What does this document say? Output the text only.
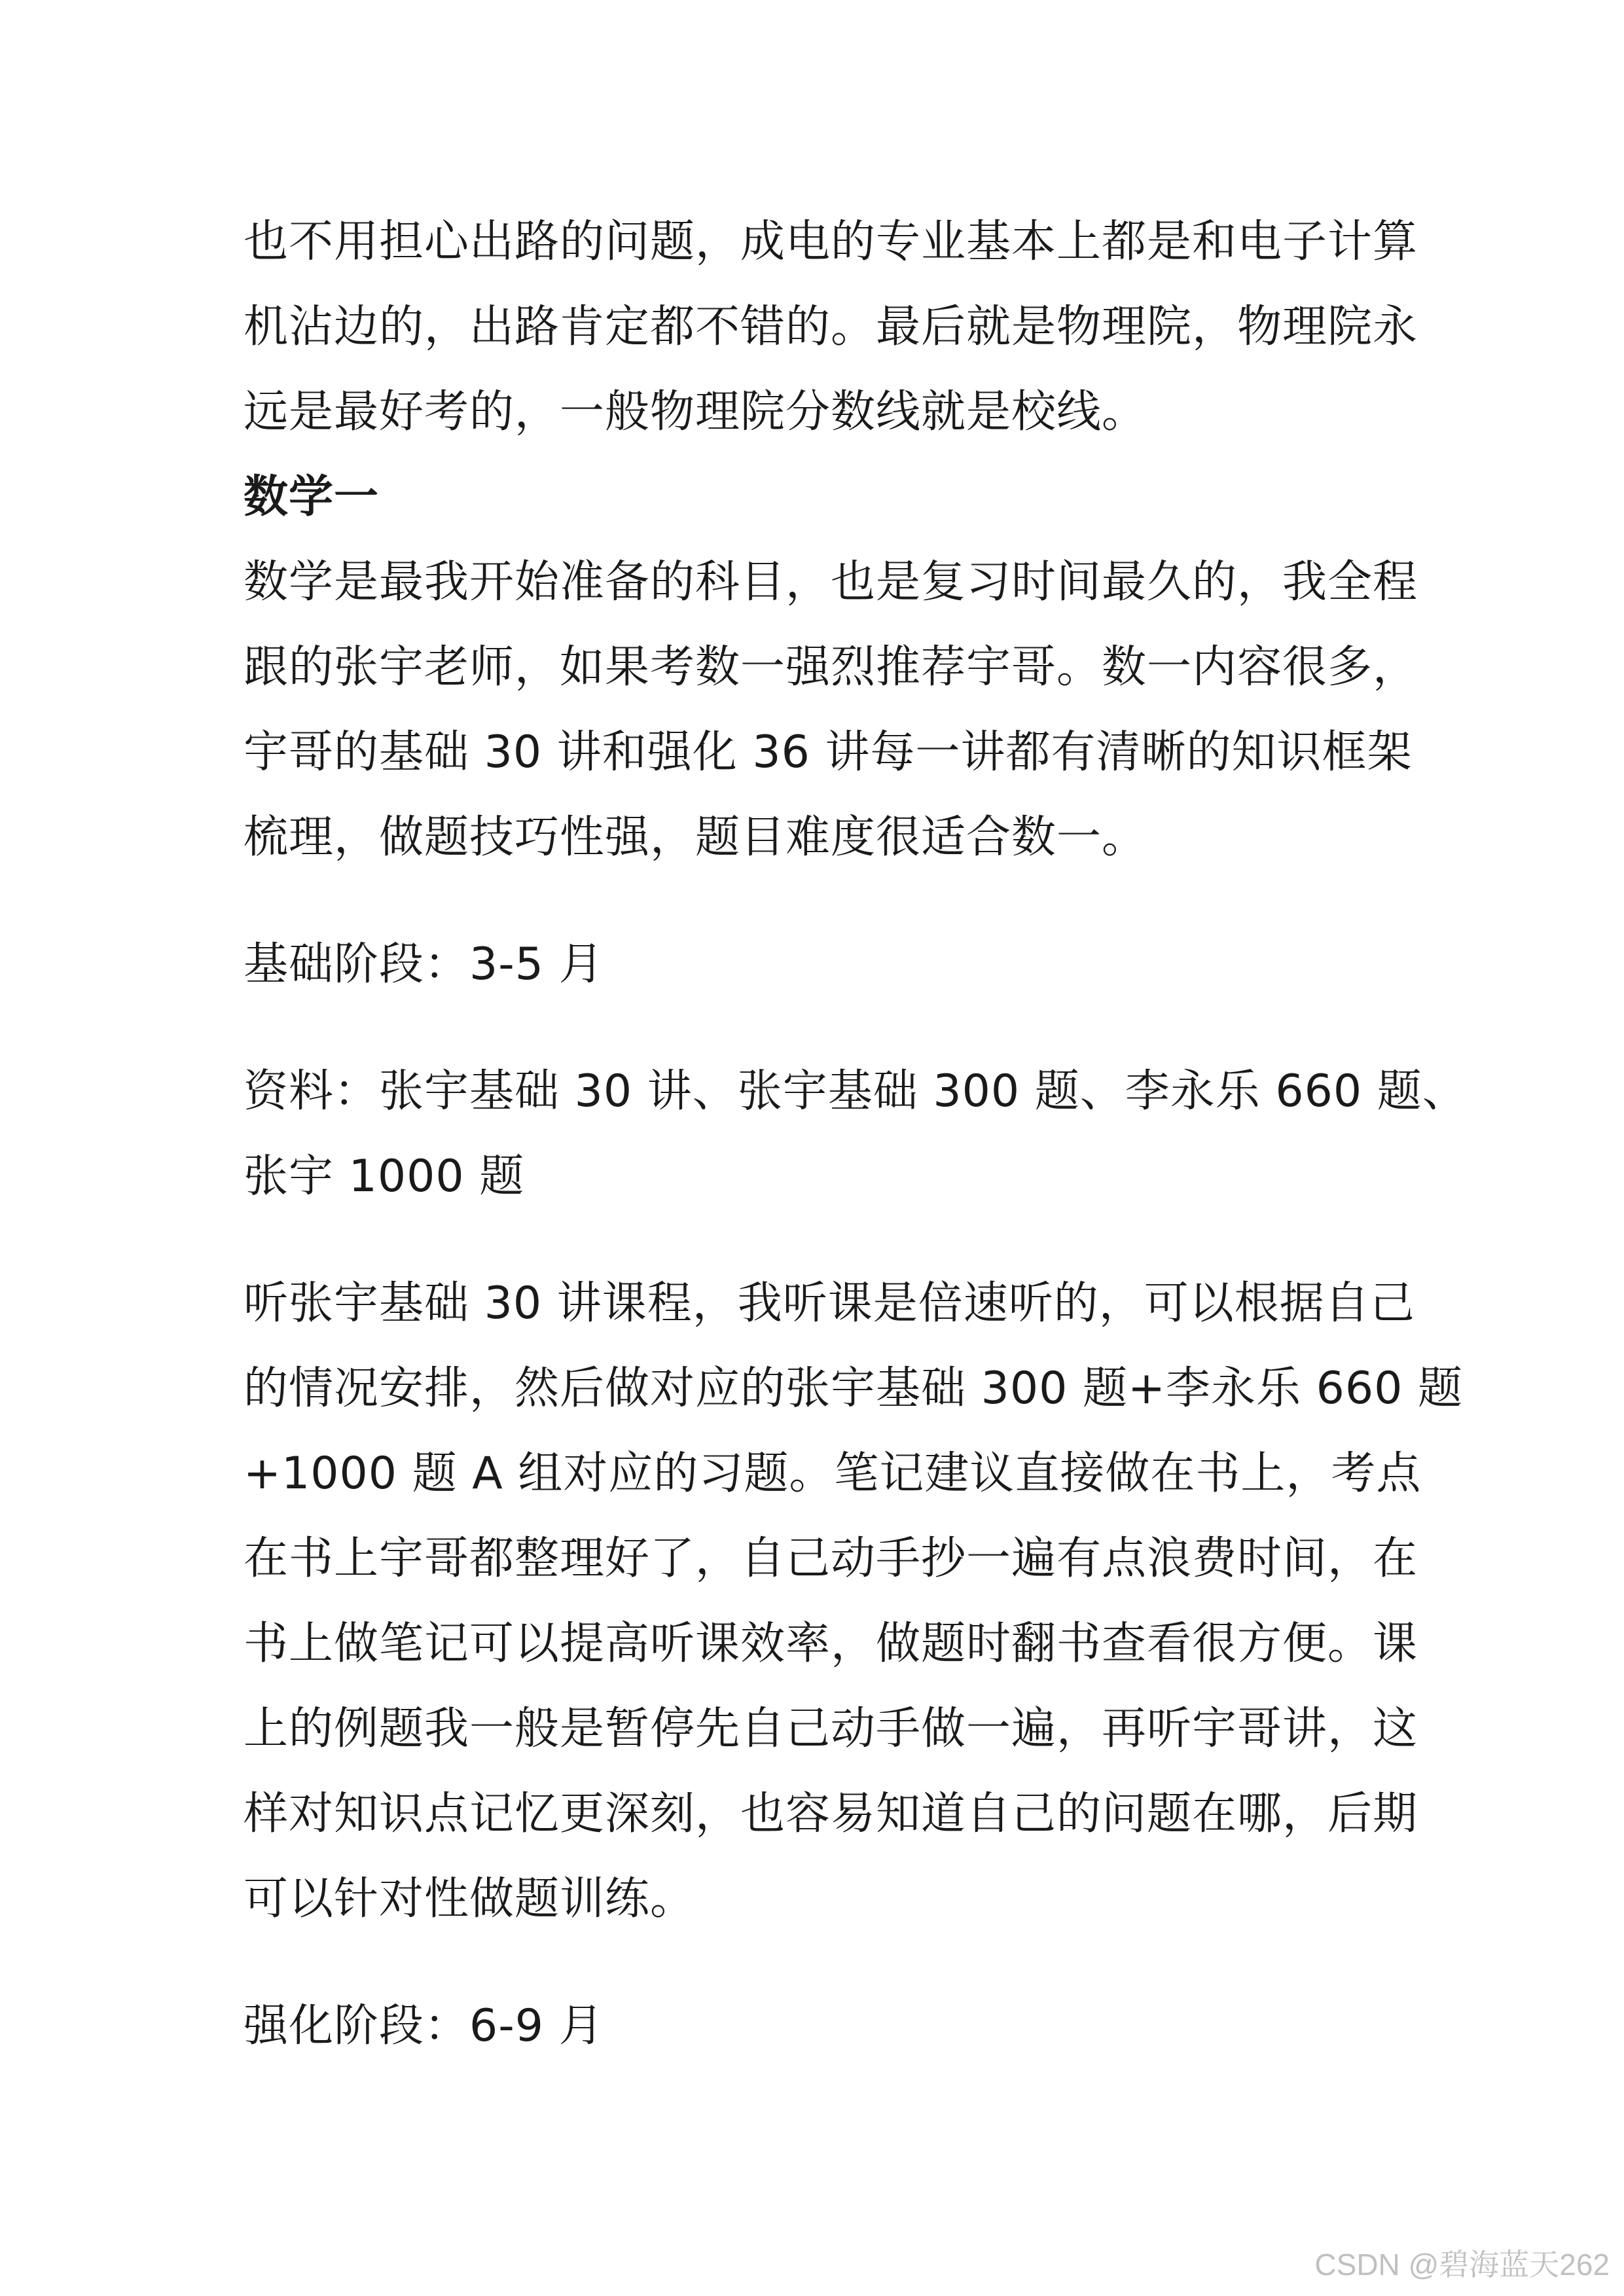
也不用担心出路的问题，成电的专业基本上都是和电子计算
机沾边的，出路肯定都不错的。最后就是物理院，物理院永
远是最好考的，一般物理院分数线就是校线。
数学一
数学是最我开始准备的科目，也是复习时间最久的，我全程
跟的张宇老师，如果考数一强烈推荐宇哥。数一内容很多，
宇哥的基础 30 讲和强化 36 讲每一讲都有清晰的知识框架
梳理，做题技巧性强，题目难度很适合数一。
基础阶段：3-5 月
资料：张宇基础 30 讲、张宇基础 300 题、李永乐 660 题、
张宇 1000 题
听张宇基础 30 讲课程，我听课是倍速听的，可以根据自己
的情况安排，然后做对应的张宇基础 300 题+李永乐 660 题
+1000 题 A 组对应的习题。笔记建议直接做在书上，考点
在书上宇哥都整理好了，自己动手抄一遍有点浪费时间，在
书上做笔记可以提高听课效率，做题时翻书查看很方便。课
上的例题我一般是暂停先自己动手做一遍，再听宇哥讲，这
样对知识点记忆更深刻，也容易知道自己的问题在哪，后期
可以针对性做题训练。
强化阶段：6-9 月
CSDN @碧海蓝天262
